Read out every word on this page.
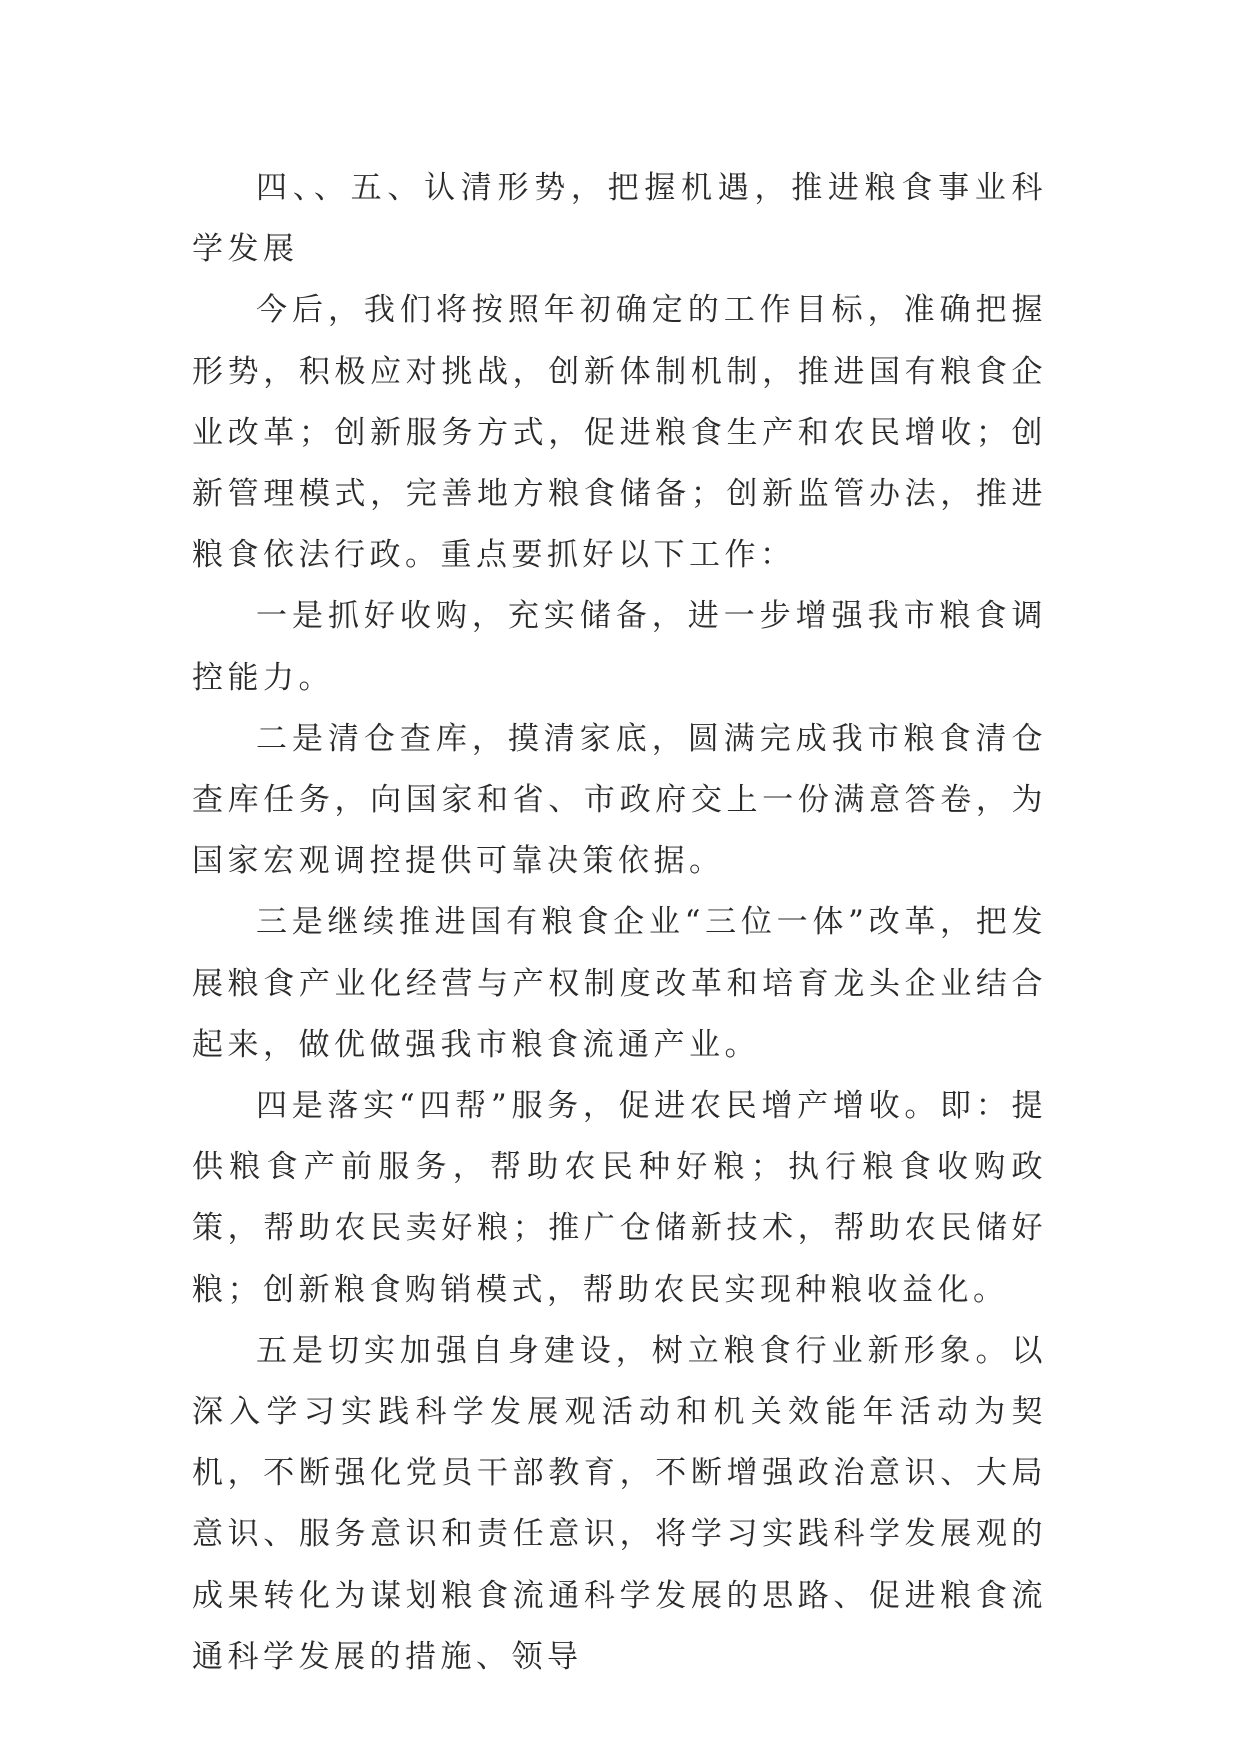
四、、五、认清形势，把握机遇，推进粮食事业科学发展

今后，我们将按照年初确定的工作目标，准确把握形势，积极应对挑战，创新体制机制，推进国有粮食企业改革；创新服务方式，促进粮食生产和农民增收；创新管理模式，完善地方粮食储备；创新监管办法，推进粮食依法行政。重点要抓好以下工作：

一是抓好收购，充实储备，进一步增强我市粮食调控能力。

二是清仓查库，摸清家底，圆满完成我市粮食清仓查库任务，向国家和省、市政府交上一份满意答卷，为国家宏观调控提供可靠决策依据。

三是继续推进国有粮食企业“三位一体”改革，把发展粮食产业化经营与产权制度改革和培育龙头企业结合起来，做优做强我市粮食流通产业。

四是落实“四帮”服务，促进农民增产增收。即：提供粮食产前服务，帮助农民种好粮；执行粮食收购政策，帮助农民卖好粮；推广仓储新技术，帮助农民储好粮；创新粮食购销模式，帮助农民实现种粮收益化。

五是切实加强自身建设，树立粮食行业新形象。以深入学习实践科学发展观活动和机关效能年活动为契机，不断强化党员干部教育，不断增强政治意识、大局意识、服务意识和责任意识，将学习实践科学发展观的成果转化为谋划粮食流通科学发展的思路、促进粮食流通科学发展的措施、领导
